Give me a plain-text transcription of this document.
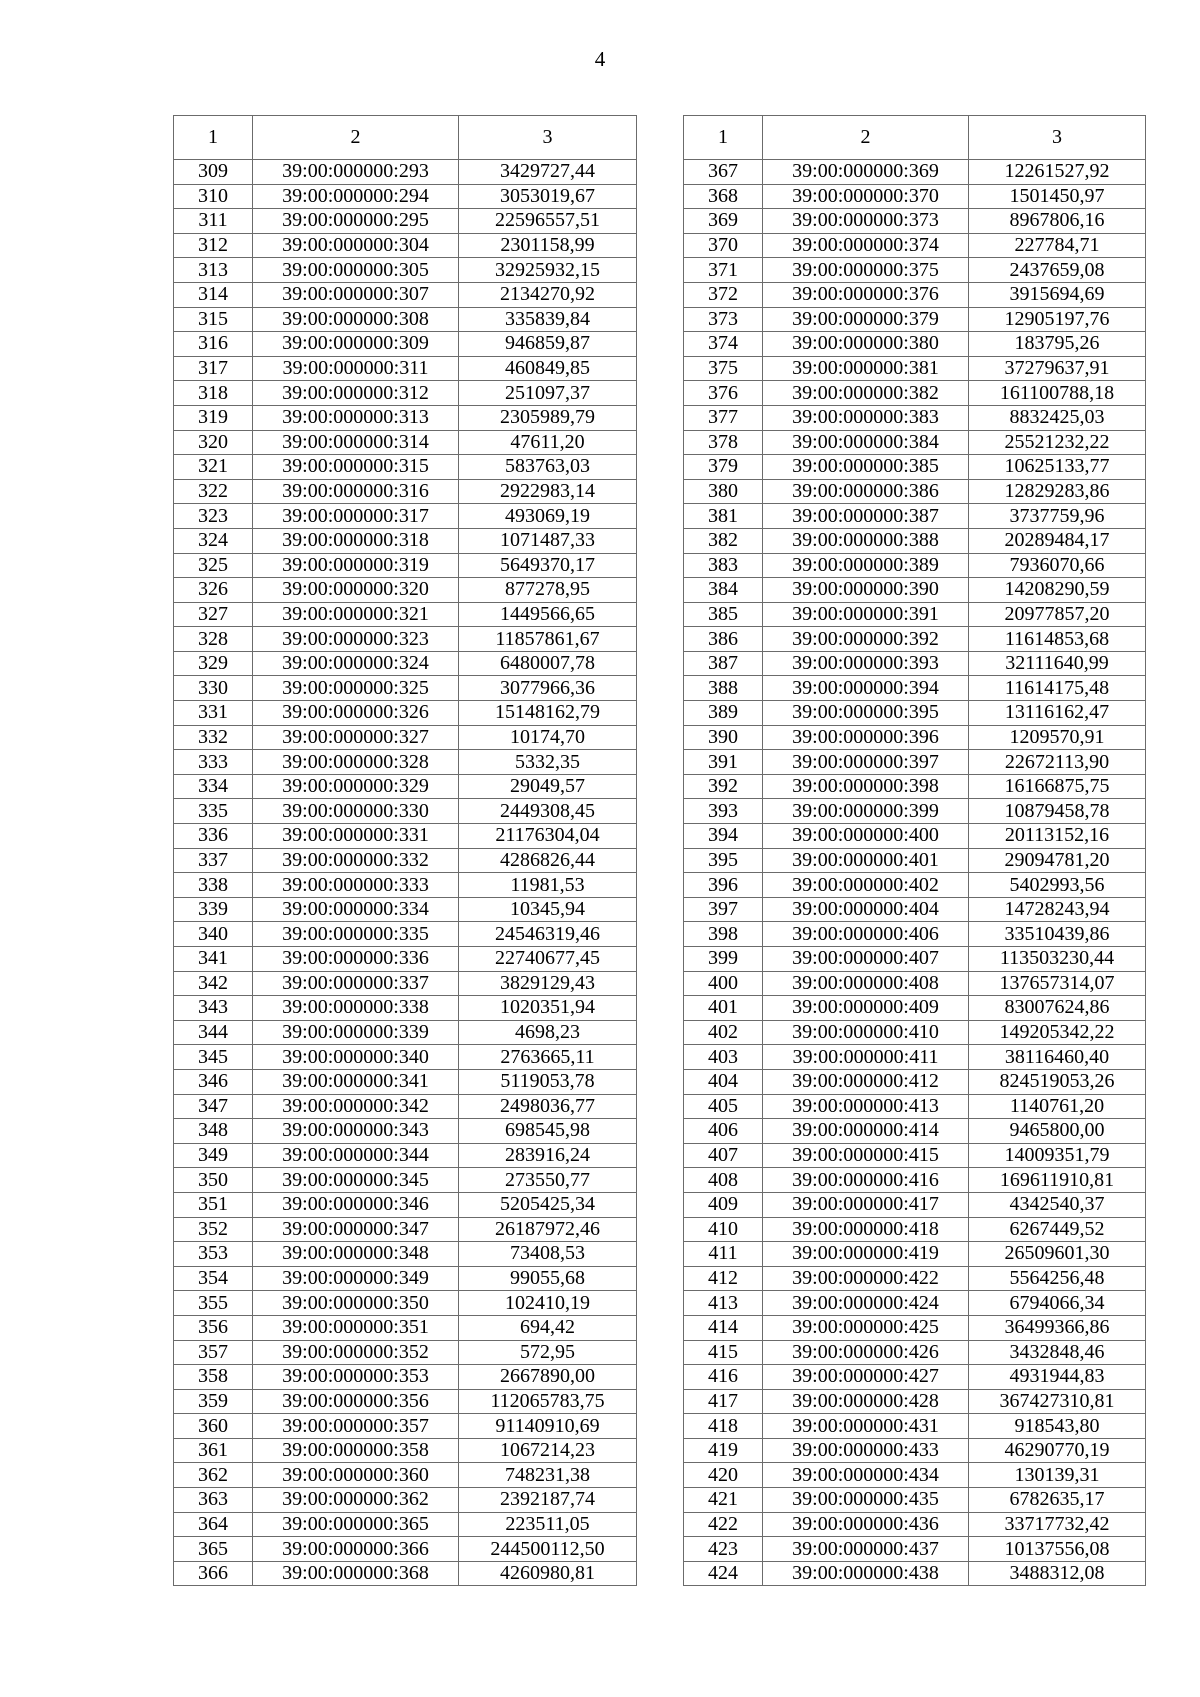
4
1	2	3
309	39:00:000000:293	3429727,44
310	39:00:000000:294	3053019,67
311	39:00:000000:295	22596557,51
312	39:00:000000:304	2301158,99
313	39:00:000000:305	32925932,15
314	39:00:000000:307	2134270,92
315	39:00:000000:308	335839,84
316	39:00:000000:309	946859,87
317	39:00:000000:311	460849,85
318	39:00:000000:312	251097,37
319	39:00:000000:313	2305989,79
320	39:00:000000:314	47611,20
321	39:00:000000:315	583763,03
322	39:00:000000:316	2922983,14
323	39:00:000000:317	493069,19
324	39:00:000000:318	1071487,33
325	39:00:000000:319	5649370,17
326	39:00:000000:320	877278,95
327	39:00:000000:321	1449566,65
328	39:00:000000:323	11857861,67
329	39:00:000000:324	6480007,78
330	39:00:000000:325	3077966,36
331	39:00:000000:326	15148162,79
332	39:00:000000:327	10174,70
333	39:00:000000:328	5332,35
334	39:00:000000:329	29049,57
335	39:00:000000:330	2449308,45
336	39:00:000000:331	21176304,04
337	39:00:000000:332	4286826,44
338	39:00:000000:333	11981,53
339	39:00:000000:334	10345,94
340	39:00:000000:335	24546319,46
341	39:00:000000:336	22740677,45
342	39:00:000000:337	3829129,43
343	39:00:000000:338	1020351,94
344	39:00:000000:339	4698,23
345	39:00:000000:340	2763665,11
346	39:00:000000:341	5119053,78
347	39:00:000000:342	2498036,77
348	39:00:000000:343	698545,98
349	39:00:000000:344	283916,24
350	39:00:000000:345	273550,77
351	39:00:000000:346	5205425,34
352	39:00:000000:347	26187972,46
353	39:00:000000:348	73408,53
354	39:00:000000:349	99055,68
355	39:00:000000:350	102410,19
356	39:00:000000:351	694,42
357	39:00:000000:352	572,95
358	39:00:000000:353	2667890,00
359	39:00:000000:356	112065783,75
360	39:00:000000:357	91140910,69
361	39:00:000000:358	1067214,23
362	39:00:000000:360	748231,38
363	39:00:000000:362	2392187,74
364	39:00:000000:365	223511,05
365	39:00:000000:366	244500112,50
366	39:00:000000:368	4260980,81
1	2	3
367	39:00:000000:369	12261527,92
368	39:00:000000:370	1501450,97
369	39:00:000000:373	8967806,16
370	39:00:000000:374	227784,71
371	39:00:000000:375	2437659,08
372	39:00:000000:376	3915694,69
373	39:00:000000:379	12905197,76
374	39:00:000000:380	183795,26
375	39:00:000000:381	37279637,91
376	39:00:000000:382	161100788,18
377	39:00:000000:383	8832425,03
378	39:00:000000:384	25521232,22
379	39:00:000000:385	10625133,77
380	39:00:000000:386	12829283,86
381	39:00:000000:387	3737759,96
382	39:00:000000:388	20289484,17
383	39:00:000000:389	7936070,66
384	39:00:000000:390	14208290,59
385	39:00:000000:391	20977857,20
386	39:00:000000:392	11614853,68
387	39:00:000000:393	32111640,99
388	39:00:000000:394	11614175,48
389	39:00:000000:395	13116162,47
390	39:00:000000:396	1209570,91
391	39:00:000000:397	22672113,90
392	39:00:000000:398	16166875,75
393	39:00:000000:399	10879458,78
394	39:00:000000:400	20113152,16
395	39:00:000000:401	29094781,20
396	39:00:000000:402	5402993,56
397	39:00:000000:404	14728243,94
398	39:00:000000:406	33510439,86
399	39:00:000000:407	113503230,44
400	39:00:000000:408	137657314,07
401	39:00:000000:409	83007624,86
402	39:00:000000:410	149205342,22
403	39:00:000000:411	38116460,40
404	39:00:000000:412	824519053,26
405	39:00:000000:413	1140761,20
406	39:00:000000:414	9465800,00
407	39:00:000000:415	14009351,79
408	39:00:000000:416	169611910,81
409	39:00:000000:417	4342540,37
410	39:00:000000:418	6267449,52
411	39:00:000000:419	26509601,30
412	39:00:000000:422	5564256,48
413	39:00:000000:424	6794066,34
414	39:00:000000:425	36499366,86
415	39:00:000000:426	3432848,46
416	39:00:000000:427	4931944,83
417	39:00:000000:428	367427310,81
418	39:00:000000:431	918543,80
419	39:00:000000:433	46290770,19
420	39:00:000000:434	130139,31
421	39:00:000000:435	6782635,17
422	39:00:000000:436	33717732,42
423	39:00:000000:437	10137556,08
424	39:00:000000:438	3488312,08
